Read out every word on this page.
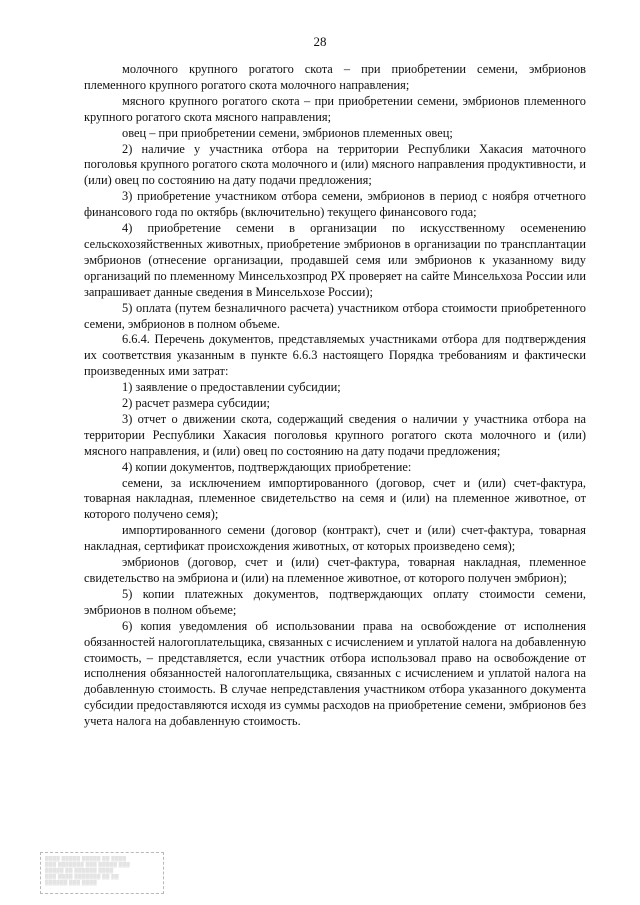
28

молочного крупного рогатого скота – при приобретении семени, эмбрионов племенного крупного рогатого скота молочного направления;

мясного крупного рогатого скота – при приобретении семени, эмбрионов племенного крупного рогатого скота мясного направления;

овец – при приобретении семени, эмбрионов племенных овец;

2) наличие у участника отбора на территории Республики Хакасия маточного поголовья крупного рогатого скота молочного и (или) мясного направления продуктивности, и (или) овец по состоянию на дату подачи предложения;

3) приобретение участником отбора семени, эмбрионов в период с ноября отчетного финансового года по октябрь (включительно) текущего финансового года;

4) приобретение семени в организации по искусственному осеменению сельскохозяйственных животных, приобретение эмбрионов в организации по трансплантации эмбрионов (отнесение организации, продавшей семя или эмбрионов к указанному виду организаций по племенному Минсельхозпрод РХ проверяет на сайте Минсельхоза России или запрашивает данные сведения в Минсельхозе России);

5) оплата (путем безналичного расчета) участником отбора стоимости приобретенного семени, эмбрионов в полном объеме.

6.6.4. Перечень документов, представляемых участниками отбора для подтверждения их соответствия указанным в пункте 6.6.3 настоящего Порядка требованиям и фактически произведенных ими затрат:

1) заявление о предоставлении субсидии;

2) расчет размера субсидии;

3) отчет о движении скота, содержащий сведения о наличии у участника отбора на территории Республики Хакасия поголовья крупного рогатого скота молочного и (или) мясного направления, и (или) овец по состоянию на дату подачи предложения;

4) копии документов, подтверждающих приобретение:

семени, за исключением импортированного (договор, счет и (или) счет-фактура, товарная накладная, племенное свидетельство на семя и (или) на племенное животное, от которого получено семя);

импортированного семени (договор (контракт), счет и (или) счет-фактура, товарная накладная, сертификат происхождения животных, от которых произведено семя);

эмбрионов (договор, счет и (или) счет-фактура, товарная накладная, племенное свидетельство на эмбриона и (или) на племенное животное, от которого получен эмбрион);

5) копии платежных документов, подтверждающих оплату стоимости семени, эмбрионов в полном объеме;

6) копия уведомления об использовании права на освобождение от исполнения обязанностей налогоплательщика, связанных с исчислением и уплатой налога на добавленную стоимость, – представляется, если участник отбора использовал право на освобождение от исполнения обязанностей налогоплательщика, связанных с исчислением и уплатой налога на добавленную стоимость. В случае непредставления участником отбора указанного документа субсидии предоставляются исходя из суммы расходов на приобретение семени, эмбрионов без учета налога на добавленную стоимость.

▒▒▒▒ ▒▒▒▒▒ ▒▒▒▒▒ ▒▒ ▒▒▒▒
▒▒▒ ▒▒▒▒▒▒▒ ▒▒▒ ▒▒▒▒▒ ▒▒▒
▒▒▒▒▒ ▒▒ ▒▒▒▒▒▒ ▒▒▒▒
▒▒▒ ▒▒▒▒ ▒▒▒▒▒▒▒ ▒▒ ▒▒
▒▒▒▒▒▒ ▒▒▒ ▒▒▒▒
